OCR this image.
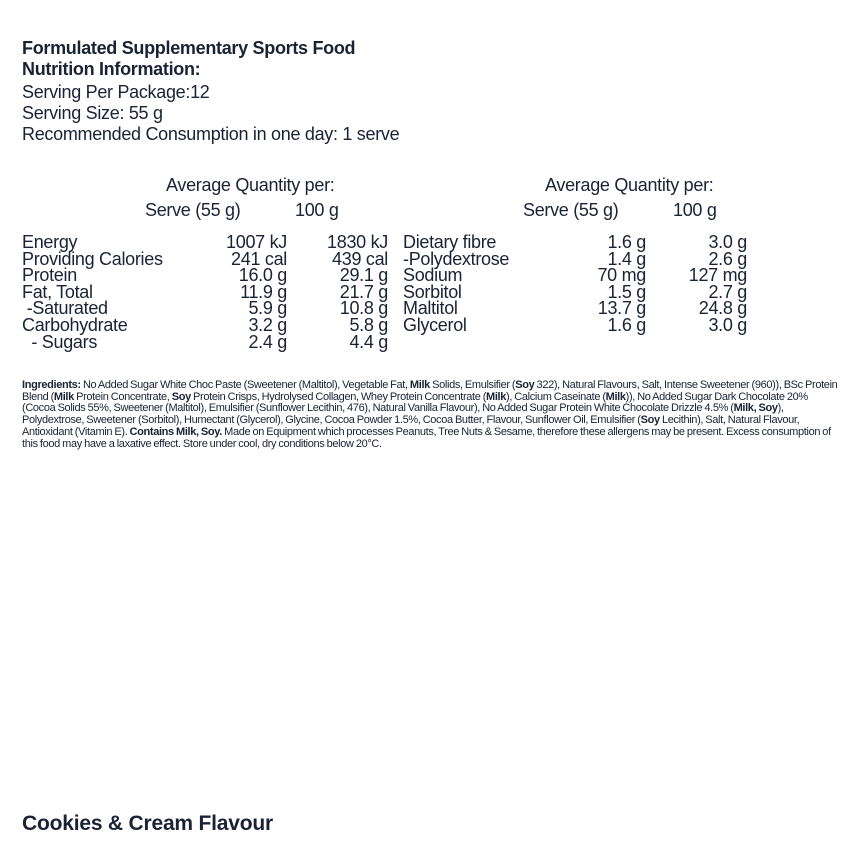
Formulated Supplementary Sports Food
Nutrition Information:
Serving Per Package:12
Serving Size: 55 g
Recommended Consumption in one day: 1 serve
Average Quantity per:
Serve (55 g)	100 g
Average Quantity per:
Serve (55 g)	100 g
Energy	1007 kJ	1830 kJ
Providing Calories	241 cal	439 cal
Protein	16.0 g	29.1 g
Fat, Total	11.9 g	21.7 g
-Saturated	5.9 g	10.8 g
Carbohydrate	3.2 g	5.8 g
- Sugars	2.4 g	4.4 g
Dietary fibre	1.6 g	3.0 g
-Polydextrose	1.4 g	2.6 g
Sodium	70 mg	127 mg
Sorbitol	1.5 g	2.7 g
Maltitol	13.7 g	24.8 g
Glycerol	1.6 g	3.0 g
Ingredients: No Added Sugar White Choc Paste (Sweetener (Maltitol), Vegetable Fat, Milk Solids, Emulsifier (Soy 322), Natural Flavours, Salt, Intense Sweetener (960)), BSc Protein Blend (Milk Protein Concentrate, Soy Protein Crisps, Hydrolysed Collagen, Whey Protein Concentrate (Milk), Calcium Caseinate (Milk)), No Added Sugar Dark Chocolate 20% (Cocoa Solids 55%, Sweetener (Maltitol), Emulsifier (Sunflower Lecithin, 476), Natural Vanilla Flavour), No Added Sugar Protein White Chocolate Drizzle 4.5% (Milk, Soy), Polydextrose, Sweetener (Sorbitol), Humectant (Glycerol), Glycine, Cocoa Powder 1.5%, Cocoa Butter, Flavour, Sunflower Oil, Emulsifier (Soy Lecithin), Salt, Natural Flavour, Antioxidant (Vitamin E). Contains Milk, Soy. Made on Equipment which processes Peanuts, Tree Nuts & Sesame, therefore these allergens may be present. Excess consumption of this food may have a laxative effect. Store under cool, dry conditions below 20°C.
Cookies & Cream Flavour
